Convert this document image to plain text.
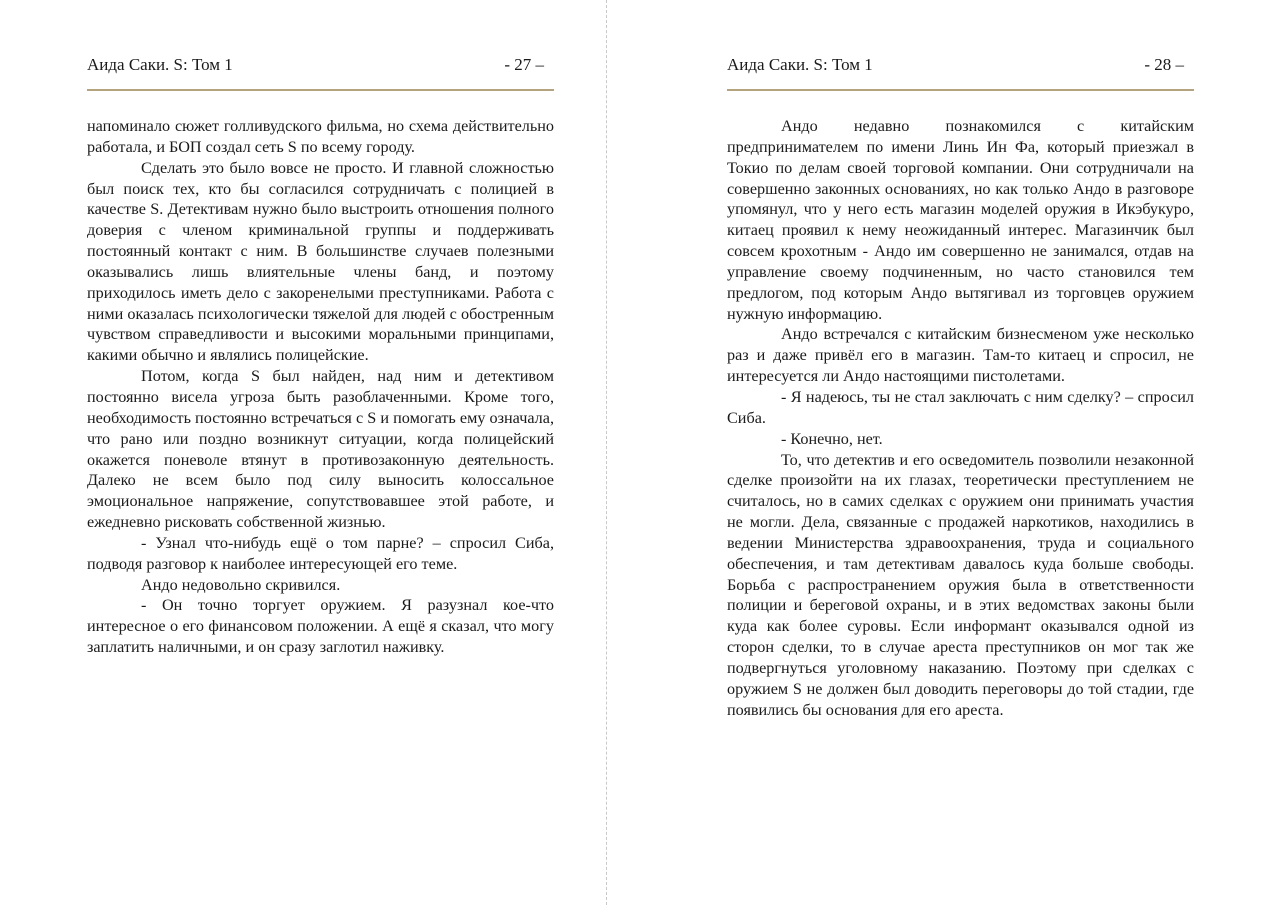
Аида Саки. S: Том 1	- 27 –

напоминало сюжет голливудского фильма, но схема действительно работала, и БОП создал сеть S по всему городу.

Сделать это было вовсе не просто. И главной сложностью был поиск тех, кто бы согласился сотрудничать с полицией в качестве S. Детективам нужно было выстроить отношения полного доверия с членом криминальной группы и поддерживать постоянный контакт с ним. В большинстве случаев полезными оказывались лишь влиятельные члены банд, и поэтому приходилось иметь дело с закоренелыми преступниками. Работа с ними оказалась психологически тяжелой для людей с обостренным чувством справедливости и высокими моральными принципами, какими обычно и являлись полицейские.

Потом, когда S был найден, над ним и детективом постоянно висела угроза быть разоблаченными. Кроме того, необходимость постоянно встречаться с S и помогать ему означала, что рано или поздно возникнут ситуации, когда полицейский окажется поневоле втянут в противозаконную деятельность. Далеко не всем было под силу выносить колоссальное эмоциональное напряжение, сопутствовавшее этой работе, и ежедневно рисковать собственной жизнью.

- Узнал что-нибудь ещё о том парне? – спросил Сиба, подводя разговор к наиболее интересующей его теме.

Андо недовольно скривился.

- Он точно торгует оружием. Я разузнал кое-что интересное о его финансовом положении. А ещё я сказал, что могу заплатить наличными, и он сразу заглотил наживку.

Аида Саки. S: Том 1	- 28 –

Андо недавно познакомился с китайским предпринимателем по имени Линь Ин Фа, который приезжал в Токио по делам своей торговой компании. Они сотрудничали на совершенно законных основаниях, но как только Андо в разговоре упомянул, что у него есть магазин моделей оружия в Икэбукуро, китаец проявил к нему неожиданный интерес. Магазинчик был совсем крохотным - Андо им совершенно не занимался, отдав на управление своему подчиненным, но часто становился тем предлогом, под которым Андо вытягивал из торговцев оружием нужную информацию.

Андо встречался с китайским бизнесменом уже несколько раз и даже привёл его в магазин. Там-то китаец и спросил, не интересуется ли Андо настоящими пистолетами.

- Я надеюсь, ты не стал заключать с ним сделку? – спросил Сиба.

- Конечно, нет.

То, что детектив и его осведомитель позволили незаконной сделке произойти на их глазах, теоретически преступлением не считалось, но в самих сделках с оружием они принимать участия не могли. Дела, связанные с продажей наркотиков, находились в ведении Министерства здравоохранения, труда и социального обеспечения, и там детективам давалось куда больше свободы. Борьба с распространением оружия была в ответственности полиции и береговой охраны, и в этих ведомствах законы были куда как более суровы. Если информант оказывался одной из сторон сделки, то в случае ареста преступников он мог так же подвергнуться уголовному наказанию. Поэтому при сделках с оружием S не должен был доводить переговоры до той стадии, где появились бы основания для его ареста.
